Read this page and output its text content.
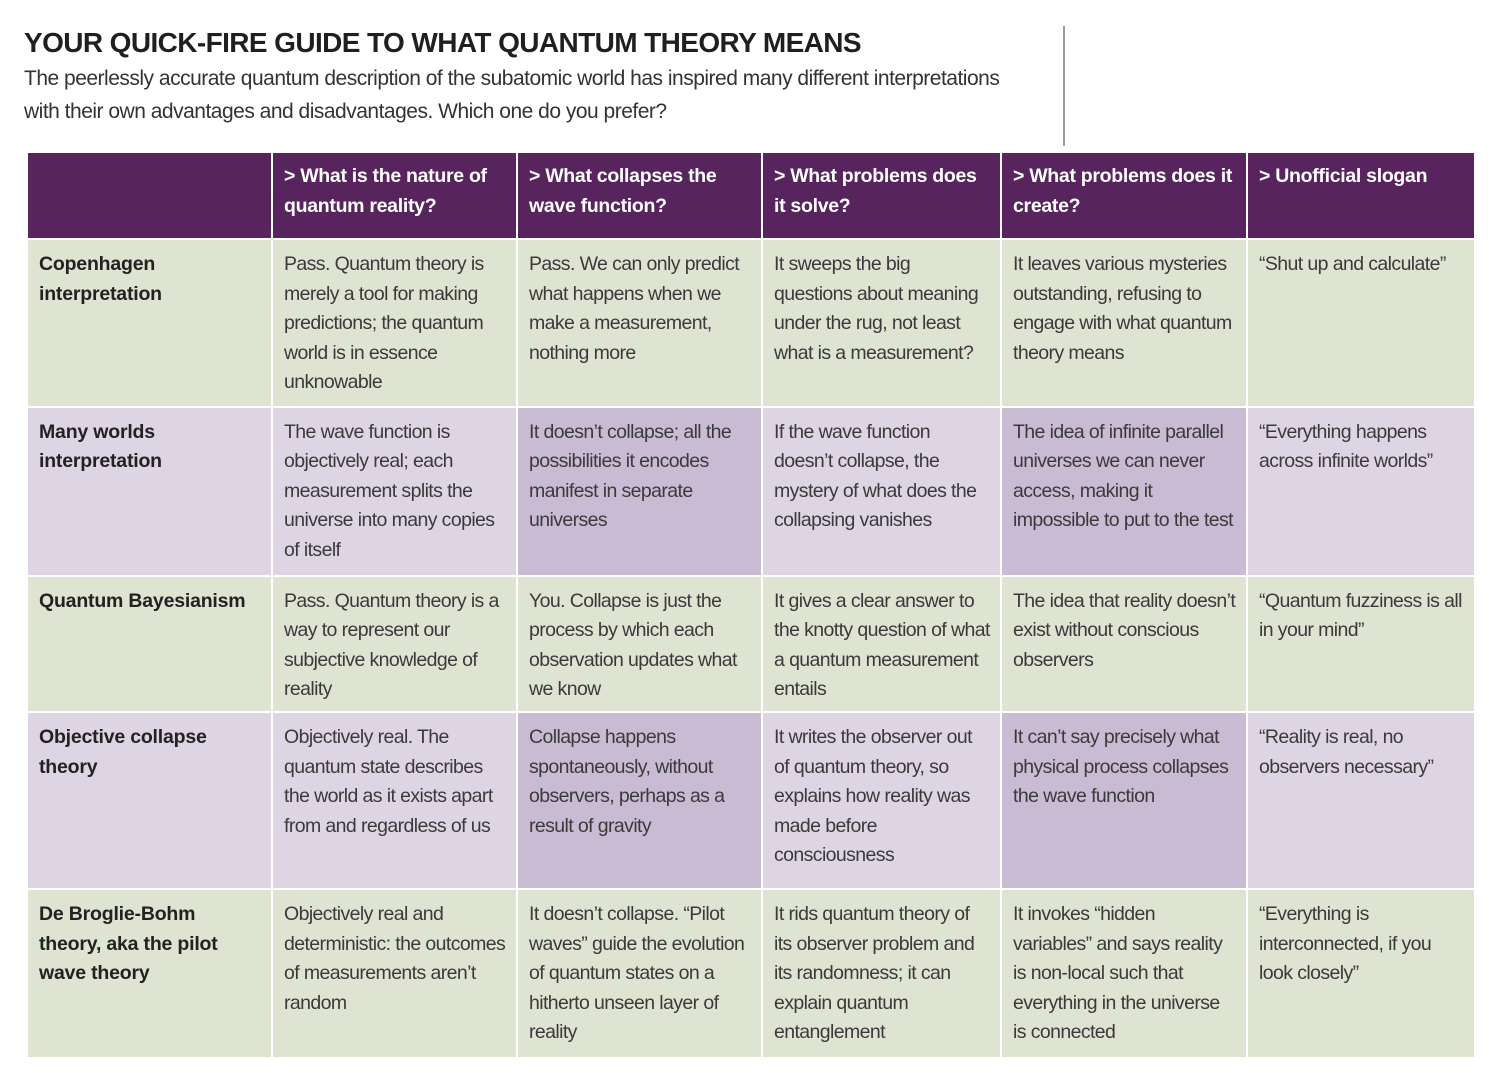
YOUR QUICK-FIRE GUIDE TO WHAT QUANTUM THEORY MEANS

The peerlessly accurate quantum description of the subatomic world has inspired many different interpretations with their own advantages and disadvantages. Which one do you prefer?

	> What is the nature of quantum reality?	> What collapses the wave function?	> What problems does it solve?	> What problems does it create?	> Unofficial slogan
Copenhagen interpretation	Pass. Quantum theory is merely a tool for making predictions; the quantum world is in essence unknowable	Pass. We can only predict what happens when we make a measurement, nothing more	It sweeps the big questions about meaning under the rug, not least what is a measurement?	It leaves various mysteries outstanding, refusing to engage with what quantum theory means	“Shut up and calculate”
Many worlds interpretation	The wave function is objectively real; each measurement splits the universe into many copies of itself	It doesn’t collapse; all the possibilities it encodes manifest in separate universes	If the wave function doesn’t collapse, the mystery of what does the collapsing vanishes	The idea of infinite parallel universes we can never access, making it impossible to put to the test	“Everything happens across infinite worlds”
Quantum Bayesianism	Pass. Quantum theory is a way to represent our subjective knowledge of reality	You. Collapse is just the process by which each observation updates what we know	It gives a clear answer to the knotty question of what a quantum measurement entails	The idea that reality doesn’t exist without conscious observers	“Quantum fuzziness is all in your mind”
Objective collapse theory	Objectively real. The quantum state describes the world as it exists apart from and regardless of us	Collapse happens spontaneously, without observers, perhaps as a result of gravity	It writes the observer out of quantum theory, so explains how reality was made before consciousness	It can’t say precisely what physical process collapses the wave function	“Reality is real, no observers necessary”
De Broglie-Bohm theory, aka the pilot wave theory	Objectively real and deterministic: the outcomes of measurements aren’t random	It doesn’t collapse. “Pilot waves” guide the evolution of quantum states on a hitherto unseen layer of reality	It rids quantum theory of its observer problem and its randomness; it can explain quantum entanglement	It invokes “hidden variables” and says reality is non-local such that everything in the universe is connected	“Everything is interconnected, if you look closely”
